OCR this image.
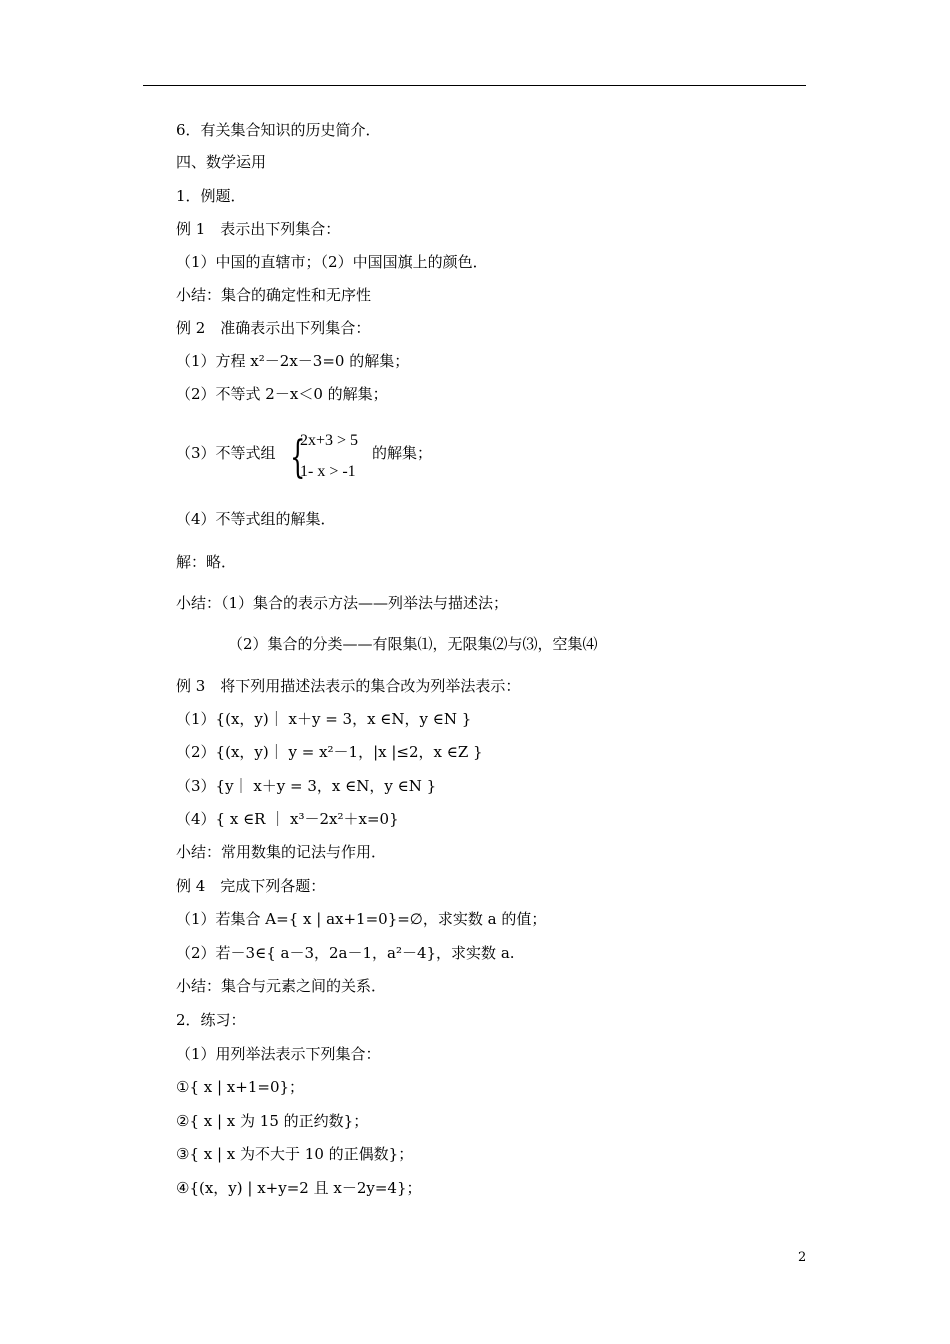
6．有关集合知识的历史简介．
四、数学运用
1．例题．
例 1　表示出下列集合：
（1）中国的直辖市；（2）中国国旗上的颜色．
小结：集合的确定性和无序性
例 2　准确表示出下列集合：
（1）方程 x²－2x－3=0 的解集；
（2）不等式 2－x＜0 的解集；
（3）不等式组 {
2x+3 > 5
1- x > -1
的解集；
（4）不等式组的解集．
解：略．
小结：（1）集合的表示方法——列举法与描述法；
（2）集合的分类——有限集⑴，无限集⑵与⑶，空集⑷
例 3　将下列用描述法表示的集合改为列举法表示：
（1）{(x，y)｜ x＋y = 3，x ∈N，y ∈N }
（2）{(x，y)｜ y = x²－1，|x |≤2，x ∈Z }
（3）{y｜ x＋y = 3，x ∈N，y ∈N }
（4）{ x ∈R ｜ x³－2x²＋x=0}
小结：常用数集的记法与作用．
例 4　完成下列各题：
（1）若集合 A={ x | ax+1=0}=∅，求实数 a 的值；
（2）若－3∈{ a－3，2a－1，a²－4}，求实数 a.
小结：集合与元素之间的关系．
2．练习：
（1）用列举法表示下列集合：
①{ x | x+1=0}；
②{ x | x 为 15 的正约数}；
③{ x | x 为不大于 10 的正偶数}；
④{(x，y) | x+y=2 且 x－2y=4}；
2
